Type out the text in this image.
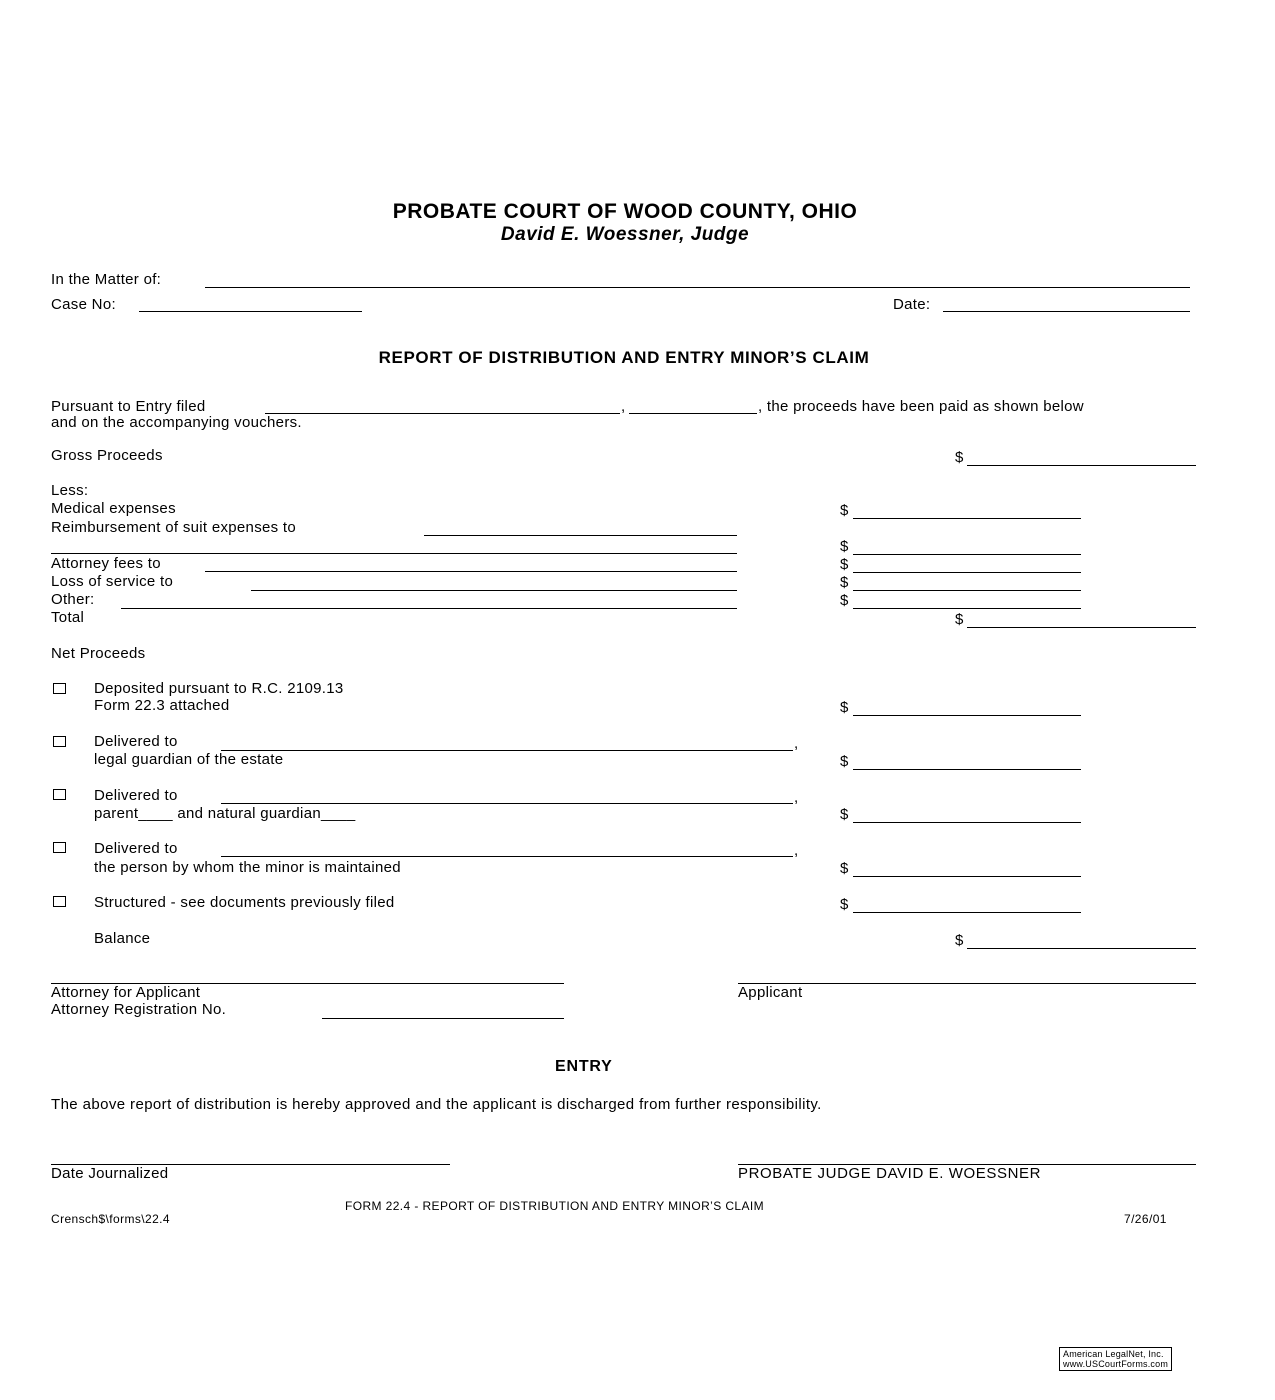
PROBATE COURT OF WOOD COUNTY, OHIO
David E. Woessner, Judge
In the Matter of:
Case No:	Date:
REPORT OF DISTRIBUTION AND ENTRY MINOR’S CLAIM
Pursuant to Entry filed	,	, the proceeds have been paid as shown below
and on the accompanying vouchers.
Gross Proceeds	$
Less:
Medical expenses	$
Reimbursement of suit expenses to
$
Attorney fees to	$
Loss of service to	$
Other:	$
Total	$
Net Proceeds
Deposited pursuant to R.C. 2109.13
Form 22.3 attached	$
Delivered to	,
legal guardian of the estate	$
Delivered to	,
parent____ and natural guardian____	$
Delivered to	,
the person by whom the minor is maintained	$
Structured - see documents previously filed	$
Balance	$
Attorney for Applicant
Attorney Registration No.
Applicant
ENTRY
The above report of distribution is hereby approved and the applicant is discharged from further responsibility.
Date Journalized	PROBATE JUDGE DAVID E. WOESSNER
FORM 22.4 - REPORT OF DISTRIBUTION AND ENTRY MINOR’S CLAIM
Crensch$\forms\22.4	7/26/01
American LegalNet, Inc.
www.USCourtForms.com
